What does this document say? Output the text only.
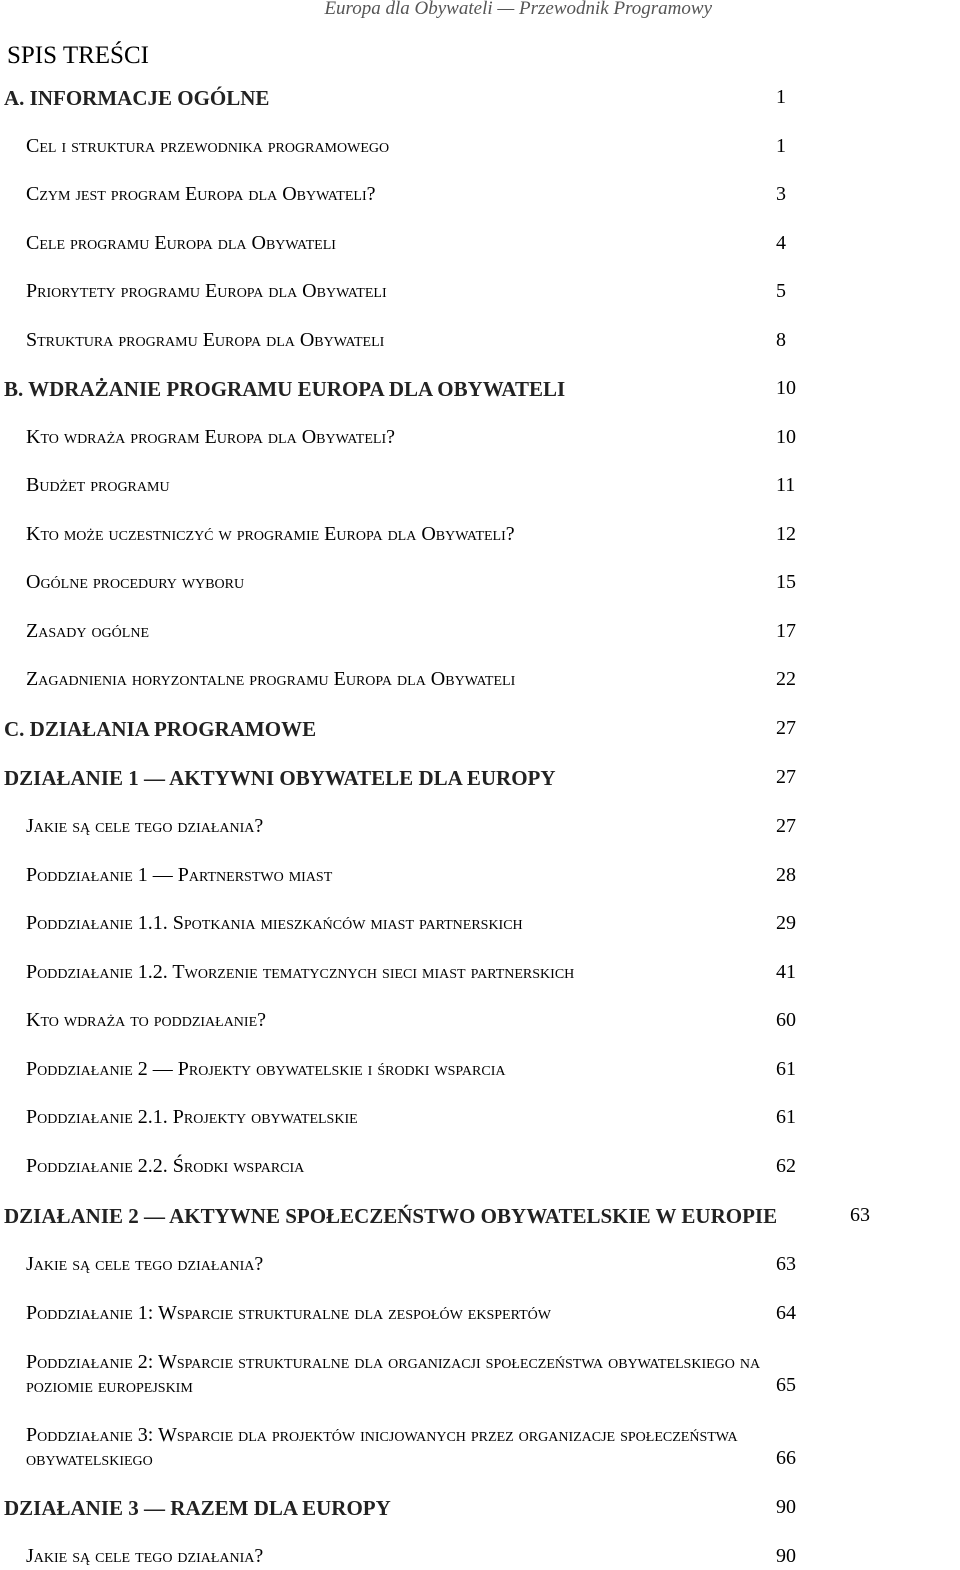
Europa dla Obywateli — Przewodnik Programowy
SPIS TREŚCI
A. INFORMACJE OGÓLNE	1
Cel i struktura przewodnika programowego	1
Czym jest program Europa dla Obywateli?	3
Cele programu Europa dla Obywateli	4
Priorytety programu Europa dla Obywateli	5
Struktura programu Europa dla Obywateli	8
B. WDRAŻANIE PROGRAMU EUROPA DLA OBYWATELI	10
Kto wdraża program Europa dla Obywateli?	10
Budżet programu	11
Kto może uczestniczyć w programie Europa dla Obywateli?	12
Ogólne procedury wyboru	15
Zasady ogólne	17
Zagadnienia horyzontalne programu Europa dla Obywateli	22
C. DZIAŁANIA PROGRAMOWE	27
DZIAŁANIE 1 — AKTYWNI OBYWATELE DLA EUROPY	27
Jakie są cele tego działania?	27
Poddziałanie 1 — Partnerstwo miast	28
Poddziałanie 1.1. Spotkania mieszkańców miast partnerskich	29
Poddziałanie 1.2. Tworzenie tematycznych sieci miast partnerskich	41
Kto wdraża to poddziałanie?	60
Poddziałanie 2 — Projekty obywatelskie i środki wsparcia	61
Poddziałanie 2.1. Projekty obywatelskie	61
Poddziałanie 2.2. Środki wsparcia	62
DZIAŁANIE 2 — AKTYWNE SPOŁECZEŃSTWO OBYWATELSKIE W EUROPIE	63
Jakie są cele tego działania?	63
Poddziałanie 1: Wsparcie strukturalne dla zespołów ekspertów	64
Poddziałanie 2: Wsparcie strukturalne dla organizacji społeczeństwa obywatelskiego na
poziomie europejskim	65
Poddziałanie 3: Wsparcie dla projektów inicjowanych przez organizacje społeczeństwa
obywatelskiego	66
DZIAŁANIE 3 — RAZEM DLA EUROPY	90
Jakie są cele tego działania?	90
